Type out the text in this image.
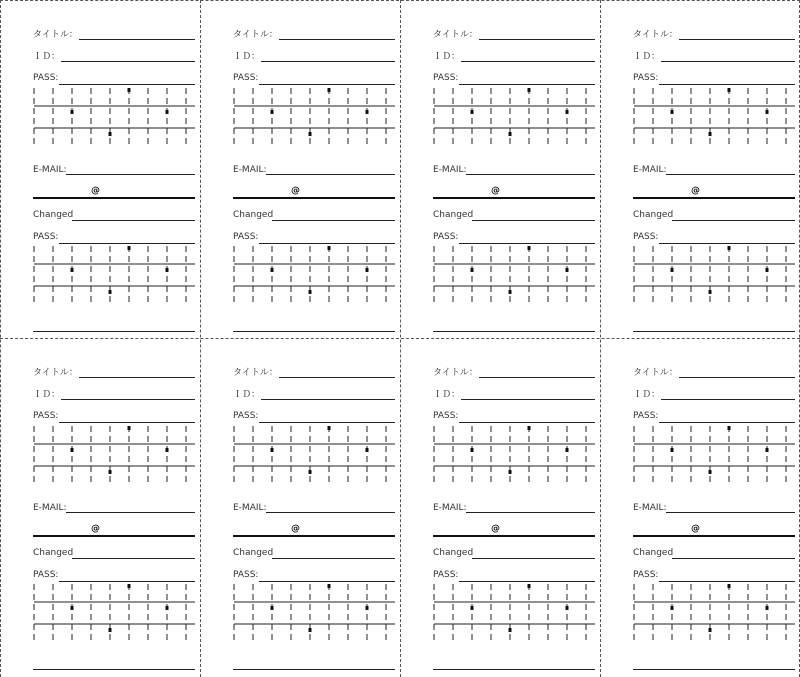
タイトル：
ＩＤ：
PASS:
E-MAIL:
@
Changed
PASS:
タイトル：
ＩＤ：
PASS:
E-MAIL:
@
Changed
PASS:
タイトル：
ＩＤ：
PASS:
E-MAIL:
@
Changed
PASS:
タイトル：
ＩＤ：
PASS:
E-MAIL:
@
Changed
PASS:
タイトル：
ＩＤ：
PASS:
E-MAIL:
@
Changed
PASS:
タイトル：
ＩＤ：
PASS:
E-MAIL:
@
Changed
PASS:
タイトル：
ＩＤ：
PASS:
E-MAIL:
@
Changed
PASS:
タイトル：
ＩＤ：
PASS:
E-MAIL:
@
Changed
PASS:
